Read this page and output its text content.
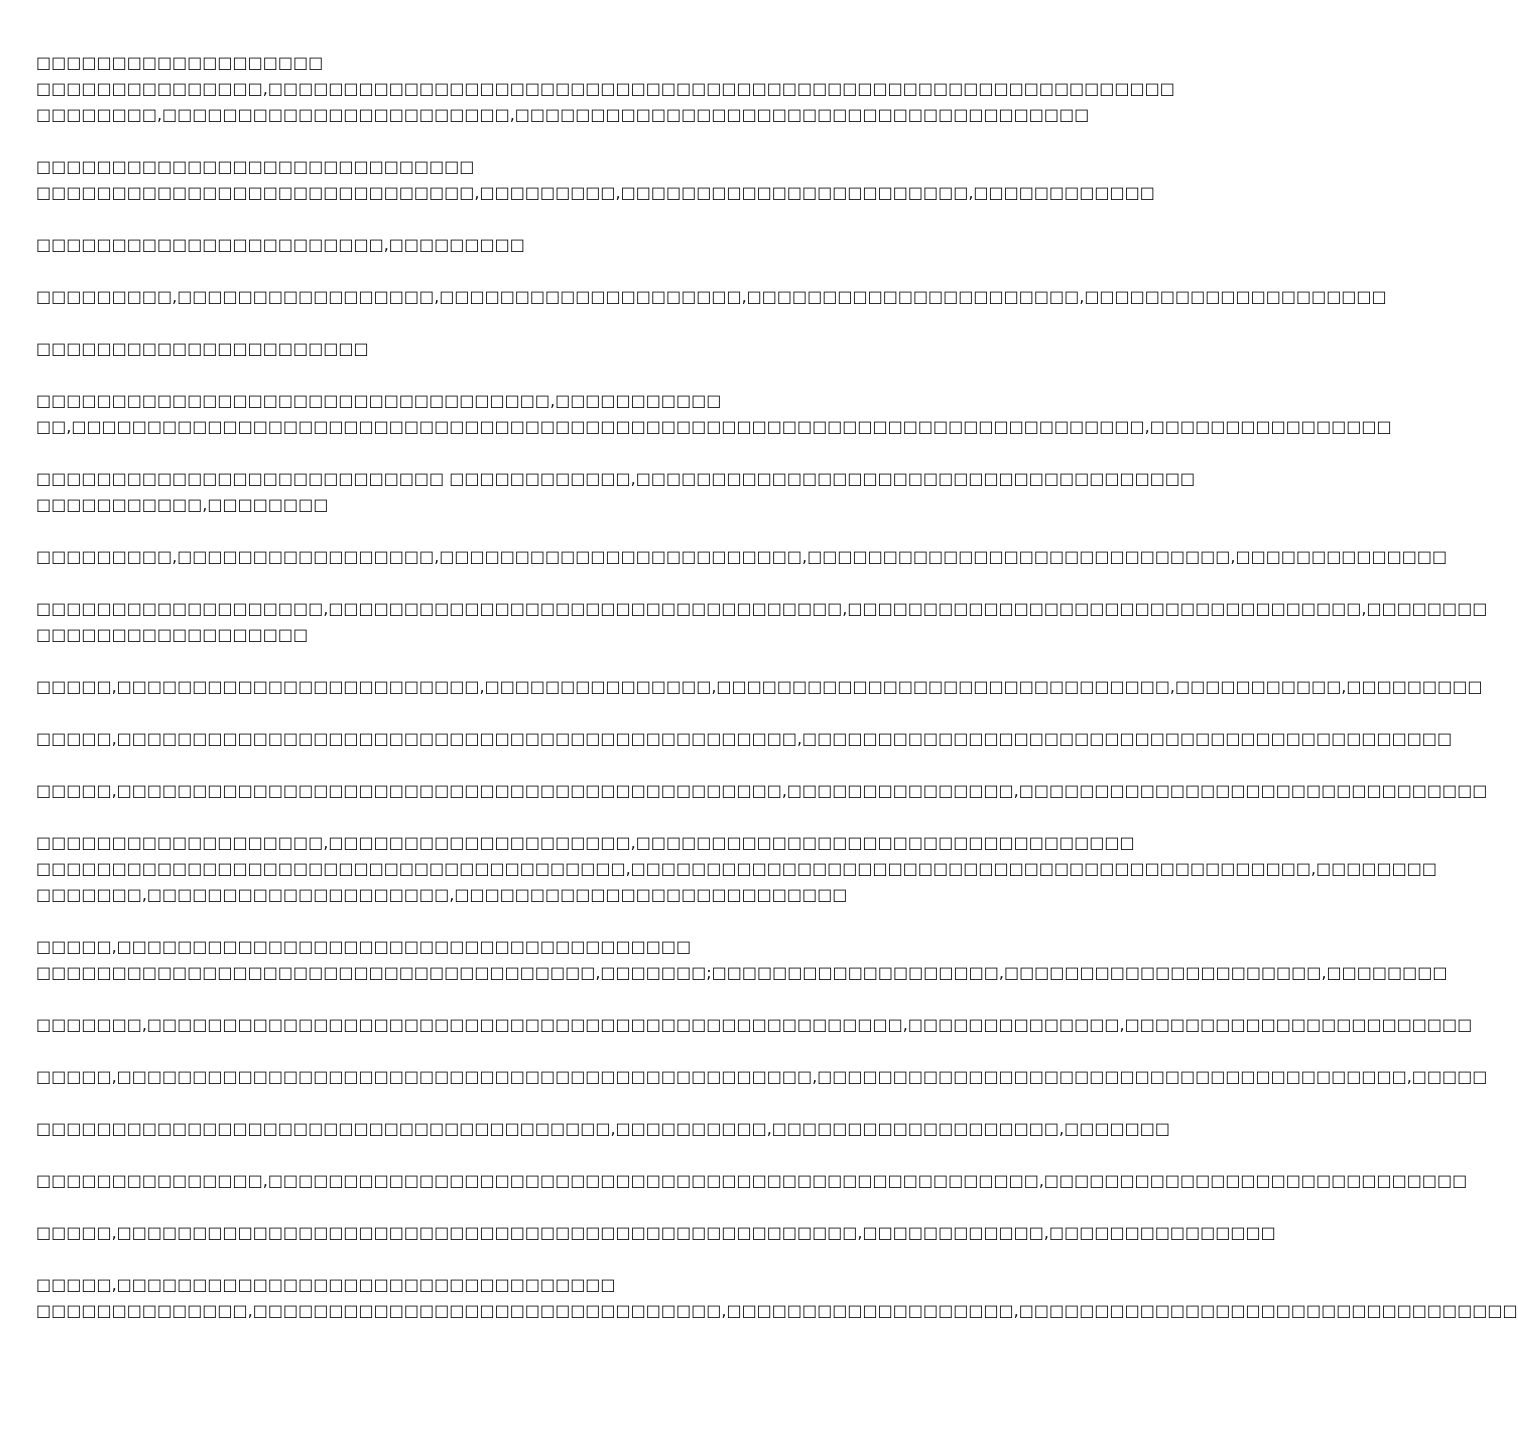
□□□□□□□□□□□□□□□□□□□
□□□□□□□□□□□□□□□,□□□□□□□□□□□□□□□□□□□□□□□□□□□□□□□□□□□□□□□□□□□□□□□□□□□□□□□□□□□□
□□□□□□□□,□□□□□□□□□□□□□□□□□□□□□□□,□□□□□□□□□□□□□□□□□□□□□□□□□□□□□□□□□□□□□□
□□□□□□□□□□□□□□□□□□□□□□□□□□□□□
□□□□□□□□□□□□□□□□□□□□□□□□□□□□□,□□□□□□□□□,□□□□□□□□□□□□□□□□□□□□□□□,□□□□□□□□□□□□
□□□□□□□□□□□□□□□□□□□□□□□,□□□□□□□□□
□□□□□□□□□,□□□□□□□□□□□□□□□□□,□□□□□□□□□□□□□□□□□□□□,□□□□□□□□□□□□□□□□□□□□□□,□□□□□□□□□□□□□□□□□□□□
□□□□□□□□□□□□□□□□□□□□□□
□□□□□□□□□□□□□□□□□□□□□□□□□□□□□□□□□□,□□□□□□□□□□□
□□,□□□□□□□□□□□□□□□□□□□□□□□□□□□□□□□□□□□□□□□□□□□□□□□□□□□□□□□□□□□□□□□□□□□□□□□,□□□□□□□□□□□□□□□□
□□□□□□□□□□□□□□□□□□□□□□□□□□□ □□□□□□□□□□□□,□□□□□□□□□□□□□□□□□□□□□□□□□□□□□□□□□□□□□
□□□□□□□□□□□,□□□□□□□□
□□□□□□□□□,□□□□□□□□□□□□□□□□□,□□□□□□□□□□□□□□□□□□□□□□□□,□□□□□□□□□□□□□□□□□□□□□□□□□□□□,□□□□□□□□□□□□□□
□□□□□□□□□□□□□□□□□□□,□□□□□□□□□□□□□□□□□□□□□□□□□□□□□□□□□□,□□□□□□□□□□□□□□□□□□□□□□□□□□□□□□□□□□,□□□□□□□□
□□□□□□□□□□□□□□□□□□
□□□□□,□□□□□□□□□□□□□□□□□□□□□□□□,□□□□□□□□□□□□□□□,□□□□□□□□□□□□□□□□□□□□□□□□□□□□□□,□□□□□□□□□□□,□□□□□□□□□
□□□□□,□□□□□□□□□□□□□□□□□□□□□□□□□□□□□□□□□□□□□□□□□□□□□,□□□□□□□□□□□□□□□□□□□□□□□□□□□□□□□□□□□□□□□□□□□
□□□□□,□□□□□□□□□□□□□□□□□□□□□□□□□□□□□□□□□□□□□□□□□□□□,□□□□□□□□□□□□□□□,□□□□□□□□□□□□□□□□□□□□□□□□□□□□□□□
□□□□□□□□□□□□□□□□□□□,□□□□□□□□□□□□□□□□□□□□,□□□□□□□□□□□□□□□□□□□□□□□□□□□□□□□□□
□□□□□□□□□□□□□□□□□□□□□□□□□□□□□□□□□□□□□□□,□□□□□□□□□□□□□□□□□□□□□□□□□□□□□□□□□□□□□□□□□□□□□,□□□□□□□□
□□□□□□□,□□□□□□□□□□□□□□□□□□□□,□□□□□□□□□□□□□□□□□□□□□□□□□□
□□□□□,□□□□□□□□□□□□□□□□□□□□□□□□□□□□□□□□□□□□□□
□□□□□□□□□□□□□□□□□□□□□□□□□□□□□□□□□□□□□,□□□□□□□;□□□□□□□□□□□□□□□□□□□,□□□□□□□□□□□□□□□□□□□□□,□□□□□□□□
□□□□□□□,□□□□□□□□□□□□□□□□□□□□□□□□□□□□□□□□□□□□□□□□□□□□□□□□□□,□□□□□□□□□□□□□□,□□□□□□□□□□□□□□□□□□□□□□□
□□□□□,□□□□□□□□□□□□□□□□□□□□□□□□□□□□□□□□□□□□□□□□□□□□□□,□□□□□□□□□□□□□□□□□□□□□□□□□□□□□□□□□□□□□□□,□□□□□
□□□□□□□□□□□□□□□□□□□□□□□□□□□□□□□□□□□□□□,□□□□□□□□□□,□□□□□□□□□□□□□□□□□□□,□□□□□□□
□□□□□□□□□□□□□□□,□□□□□□□□□□□□□□□□□□□□□□□□□□□□□□□□□□□□□□□□□□□□□□□□□□□,□□□□□□□□□□□□□□□□□□□□□□□□□□□□
□□□□□,□□□□□□□□□□□□□□□□□□□□□□□□□□□□□□□□□□□□□□□□□□□□□□□□□,□□□□□□□□□□□□,□□□□□□□□□□□□□□□
□□□□□,□□□□□□□□□□□□□□□□□□□□□□□□□□□□□□□□□
□□□□□□□□□□□□□□,□□□□□□□□□□□□□□□□□□□□□□□□□□□□□□□,□□□□□□□□□□□□□□□□□□□,□□□□□□□□□□□□□□□□□□□□□□□□□□□□□□□□□
